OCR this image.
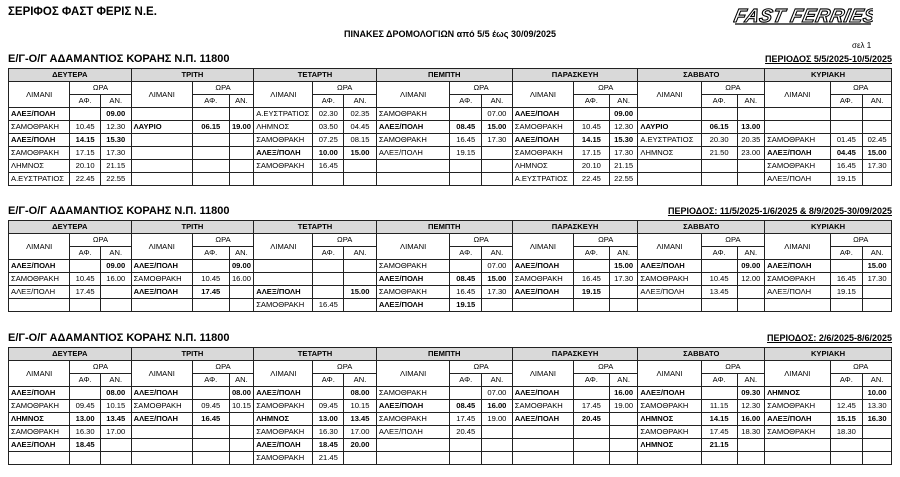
ΣΕΡΙΦΟΣ ΦΑΣΤ ΦΕΡΙΣ Ν.Ε.	FAST FERRIES
ΠΙΝΑΚΕΣ ΔΡΟΜΟΛΟΓΙΩΝ από 5/5 έως 30/09/2025
σελ 1
Ε/Γ-Ο/Γ ΑΔΑΜΑΝΤΙΟΣ ΚΟΡΑΗΣ Ν.Π. 11800	ΠΕΡΙΟΔΟΣ 5/5/2025-10/5/2025
ΔΕΥΤΕΡΑ			ΤΡΙΤΗ			ΤΕΤΑΡΤΗ			ΠΕΜΠΤΗ			ΠΑΡΑΣΚΕΥΗ			ΣΑΒΒΑΤΟ			ΚΥΡΙΑΚΗ		
ΛΙΜΑΝΙ	ΩΡΑ		ΛΙΜΑΝΙ	ΩΡΑ		ΛΙΜΑΝΙ	ΩΡΑ		ΛΙΜΑΝΙ	ΩΡΑ		ΛΙΜΑΝΙ	ΩΡΑ		ΛΙΜΑΝΙ	ΩΡΑ		ΛΙΜΑΝΙ	ΩΡΑ	
	ΑΦ.	ΑΝ.		ΑΦ.	ΑΝ.		ΑΦ.	ΑΝ.		ΑΦ.	ΑΝ.		ΑΦ.	ΑΝ.		ΑΦ.	ΑΝ.		ΑΦ.	ΑΝ.
ΑΛΕΞ/ΠΟΛΗ		09.00				Α.ΕΥΣΤΡΑΤΙΟΣ	02.30	02.35	ΣΑΜΟΘΡΑΚΗ		07.00	ΑΛΕΞ/ΠΟΛΗ		09.00						
ΣΑΜΟΘΡΑΚΗ	10.45	12.30	ΛΑΥΡΙΟ	06.15	19.00	ΛΗΜΝΟΣ	03.50	04.45	ΑΛΕΞ/ΠΟΛΗ	08.45	15.00	ΣΑΜΟΘΡΑΚΗ	10.45	12.30	ΛΑΥΡΙΟ	06.15	13.00			
ΑΛΕΞ/ΠΟΛΗ	14.15	15.30				ΣΑΜΟΘΡΑΚΗ	07.25	08.15	ΣΑΜΟΘΡΑΚΗ	16.45	17.30	ΑΛΕΞ/ΠΟΛΗ	14.15	15.30	Α.ΕΥΣΤΡΑΤΙΟΣ	20.30	20.35	ΣΑΜΟΘΡΑΚΗ	01.45	02.45
ΣΑΜΟΘΡΑΚΗ	17.15	17.30				ΑΛΕΞ/ΠΟΛΗ	10.00	15.00	ΑΛΕΞ/ΠΟΛΗ	19.15		ΣΑΜΟΘΡΑΚΗ	17.15	17.30	ΛΗΜΝΟΣ	21.50	23.00	ΑΛΕΞ/ΠΟΛΗ	04.45	15.00
ΛΗΜΝΟΣ	20.10	21.15				ΣΑΜΟΘΡΑΚΗ	16.45					ΛΗΜΝΟΣ	20.10	21.15				ΣΑΜΟΘΡΑΚΗ	16.45	17.30
Α.ΕΥΣΤΡΑΤΙΟΣ	22.45	22.55										Α.ΕΥΣΤΡΑΤΙΟΣ	22.45	22.55				ΑΛΕΞ/ΠΟΛΗ	19.15	
Ε/Γ-Ο/Γ ΑΔΑΜΑΝΤΙΟΣ ΚΟΡΑΗΣ Ν.Π. 11800	ΠΕΡΙΟΔΟΣ: 11/5/2025-1/6/2025 & 8/9/2025-30/09/2025
ΔΕΥΤΕΡΑ			ΤΡΙΤΗ			ΤΕΤΑΡΤΗ			ΠΕΜΠΤΗ			ΠΑΡΑΣΚΕΥΗ			ΣΑΒΒΑΤΟ			ΚΥΡΙΑΚΗ		
ΛΙΜΑΝΙ	ΩΡΑ		ΛΙΜΑΝΙ	ΩΡΑ		ΛΙΜΑΝΙ	ΩΡΑ		ΛΙΜΑΝΙ	ΩΡΑ		ΛΙΜΑΝΙ	ΩΡΑ		ΛΙΜΑΝΙ	ΩΡΑ		ΛΙΜΑΝΙ	ΩΡΑ	
	ΑΦ.	ΑΝ.		ΑΦ.	ΑΝ.		ΑΦ.	ΑΝ.		ΑΦ.	ΑΝ.		ΑΦ.	ΑΝ.		ΑΦ.	ΑΝ.		ΑΦ.	ΑΝ.
ΑΛΕΞ/ΠΟΛΗ		09.00	ΑΛΕΞ/ΠΟΛΗ		09.00				ΣΑΜΟΘΡΑΚΗ		07.00	ΑΛΕΞ/ΠΟΛΗ		15.00	ΑΛΕΞ/ΠΟΛΗ		09.00	ΑΛΕΞ/ΠΟΛΗ		15.00
ΣΑΜΟΘΡΑΚΗ	10.45	16.00	ΣΑΜΟΘΡΑΚΗ	10.45	16.00				ΑΛΕΞ/ΠΟΛΗ	08.45	15.00	ΣΑΜΟΘΡΑΚΗ	16.45	17.30	ΣΑΜΟΘΡΑΚΗ	10.45	12.00	ΣΑΜΟΘΡΑΚΗ	16.45	17.30
ΑΛΕΞ/ΠΟΛΗ	17.45		ΑΛΕΞ/ΠΟΛΗ	17.45		ΑΛΕΞ/ΠΟΛΗ		15.00	ΣΑΜΟΘΡΑΚΗ	16.45	17.30	ΑΛΕΞ/ΠΟΛΗ	19.15		ΑΛΕΞ/ΠΟΛΗ	13.45		ΑΛΕΞ/ΠΟΛΗ	19.15	
						ΣΑΜΟΘΡΑΚΗ	16.45		ΑΛΕΞ/ΠΟΛΗ	19.15										
Ε/Γ-Ο/Γ ΑΔΑΜΑΝΤΙΟΣ ΚΟΡΑΗΣ Ν.Π. 11800	ΠΕΡΙΟΔΟΣ: 2/6/2025-8/6/2025
ΔΕΥΤΕΡΑ			ΤΡΙΤΗ			ΤΕΤΑΡΤΗ			ΠΕΜΠΤΗ			ΠΑΡΑΣΚΕΥΗ			ΣΑΒΒΑΤΟ			ΚΥΡΙΑΚΗ		
ΛΙΜΑΝΙ	ΩΡΑ		ΛΙΜΑΝΙ	ΩΡΑ		ΛΙΜΑΝΙ	ΩΡΑ		ΛΙΜΑΝΙ	ΩΡΑ		ΛΙΜΑΝΙ	ΩΡΑ		ΛΙΜΑΝΙ	ΩΡΑ		ΛΙΜΑΝΙ	ΩΡΑ	
	ΑΦ.	ΑΝ.		ΑΦ.	ΑΝ.		ΑΦ.	ΑΝ.		ΑΦ.	ΑΝ.		ΑΦ.	ΑΝ.		ΑΦ.	ΑΝ.		ΑΦ.	ΑΝ.
ΑΛΕΞ/ΠΟΛΗ		08.00	ΑΛΕΞ/ΠΟΛΗ		08.00	ΑΛΕΞ/ΠΟΛΗ		08.00	ΣΑΜΟΘΡΑΚΗ		07.00	ΑΛΕΞ/ΠΟΛΗ		16.00	ΑΛΕΞ/ΠΟΛΗ		09.30	ΛΗΜΝΟΣ		10.00
ΣΑΜΟΘΡΑΚΗ	09.45	10.15	ΣΑΜΟΘΡΑΚΗ	09.45	10.15	ΣΑΜΟΘΡΑΚΗ	09.45	10.15	ΑΛΕΞ/ΠΟΛΗ	08.45	16.00	ΣΑΜΟΘΡΑΚΗ	17.45	19.00	ΣΑΜΟΘΡΑΚΗ	11.15	12.30	ΣΑΜΟΘΡΑΚΗ	12.45	13.30
ΛΗΜΝΟΣ	13.00	13.45	ΑΛΕΞ/ΠΟΛΗ	16.45		ΛΗΜΝΟΣ	13.00	13.45	ΣΑΜΟΘΡΑΚΗ	17.45	19.00	ΑΛΕΞ/ΠΟΛΗ	20.45		ΛΗΜΝΟΣ	14.15	16.00	ΑΛΕΞ/ΠΟΛΗ	15.15	16.30
ΣΑΜΟΘΡΑΚΗ	16.30	17.00				ΣΑΜΟΘΡΑΚΗ	16.30	17.00	ΑΛΕΞ/ΠΟΛΗ	20.45					ΣΑΜΟΘΡΑΚΗ	17.45	18.30	ΣΑΜΟΘΡΑΚΗ	18.30	
ΑΛΕΞ/ΠΟΛΗ	18.45					ΑΛΕΞ/ΠΟΛΗ	18.45	20.00							ΛΗΜΝΟΣ	21.15				
						ΣΑΜΟΘΡΑΚΗ	21.45													
